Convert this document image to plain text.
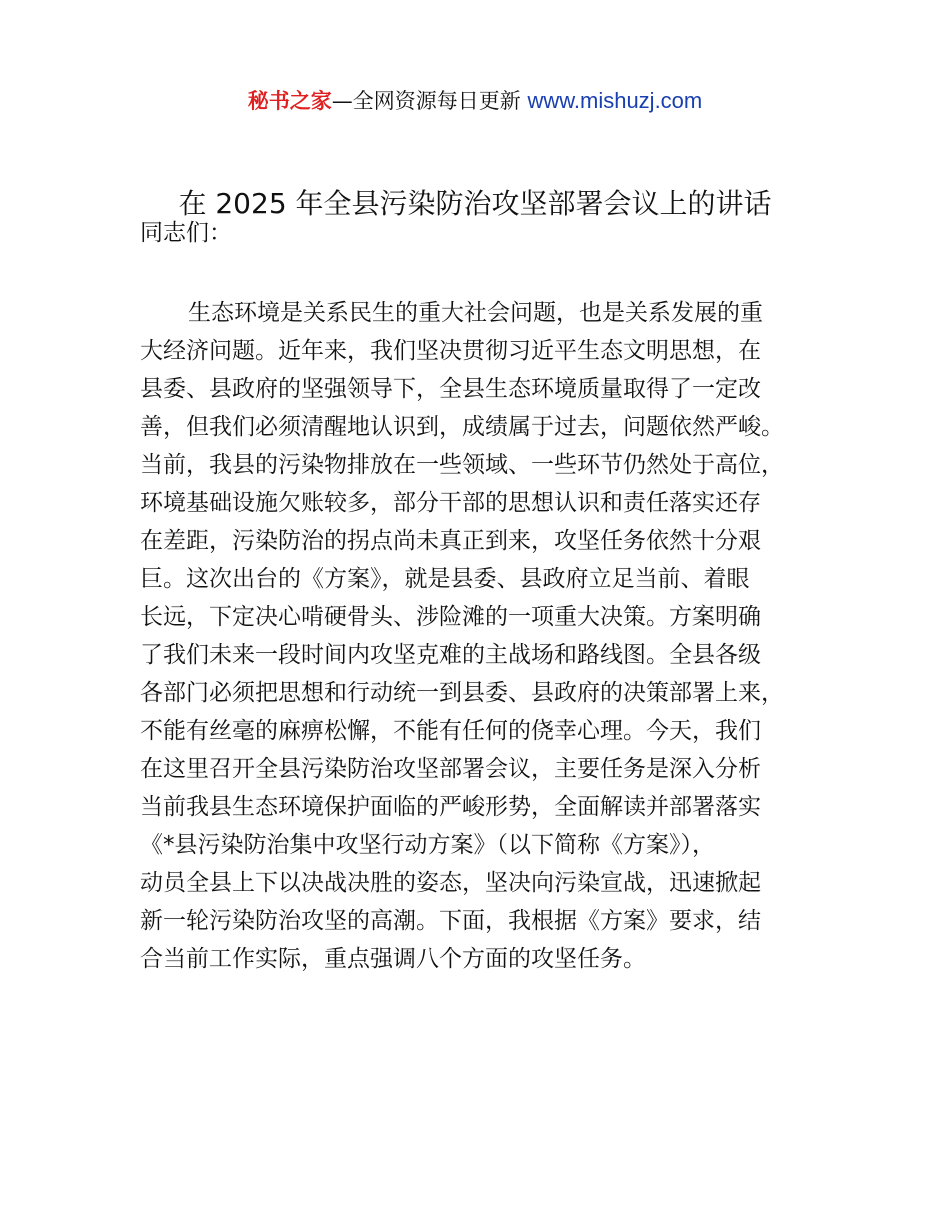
秘书之家—全网资源每日更新 www.mishuzj.com
在 2025 年全县污染防治攻坚部署会议上的讲话
同志们：
生态环境是关系民生的重大社会问题，也是关系发展的重
大经济问题。近年来，我们坚决贯彻习近平生态文明思想，在
县委、县政府的坚强领导下，全县生态环境质量取得了一定改
善，但我们必须清醒地认识到，成绩属于过去，问题依然严峻。
当前，我县的污染物排放在一些领域、一些环节仍然处于高位，
环境基础设施欠账较多，部分干部的思想认识和责任落实还存
在差距，污染防治的拐点尚未真正到来，攻坚任务依然十分艰
巨。这次出台的《方案》，就是县委、县政府立足当前、着眼
长远，下定决心啃硬骨头、涉险滩的一项重大决策。方案明确
了我们未来一段时间内攻坚克难的主战场和路线图。全县各级
各部门必须把思想和行动统一到县委、县政府的决策部署上来，
不能有丝毫的麻痹松懈，不能有任何的侥幸心理。今天，我们
在这里召开全县污染防治攻坚部署会议，主要任务是深入分析
当前我县生态环境保护面临的严峻形势，全面解读并部署落实
《*县污染防治集中攻坚行动方案》（以下简称《方案》），
动员全县上下以决战决胜的姿态，坚决向污染宣战，迅速掀起
新一轮污染防治攻坚的高潮。下面，我根据《方案》要求，结
合当前工作实际，重点强调八个方面的攻坚任务。
